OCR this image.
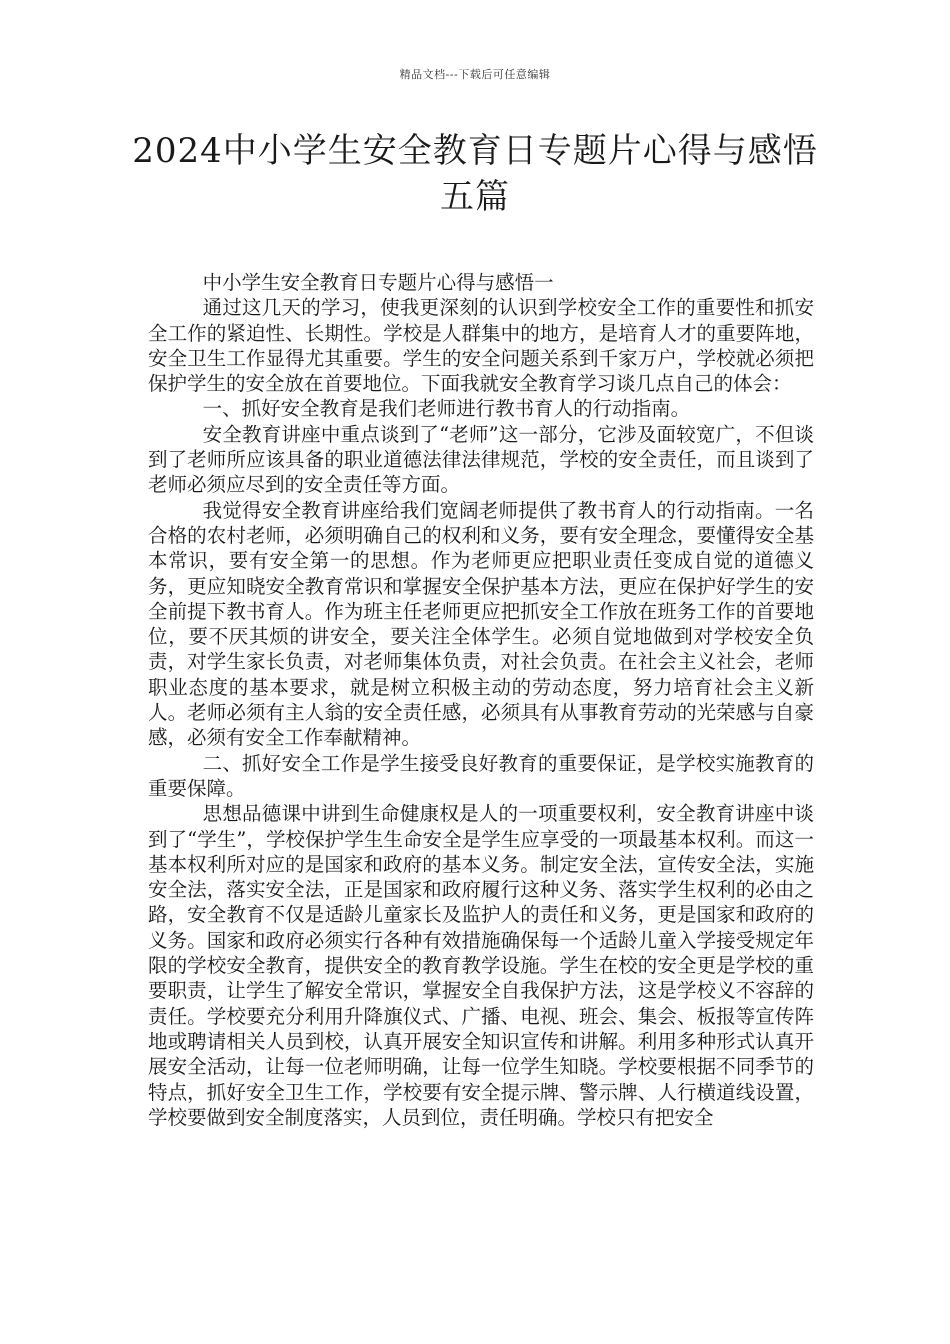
精品文档---下载后可任意编辑
2024中小学生安全教育日专题片心得与感悟五篇

中小学生安全教育日专题片心得与感悟一

通过这几天的学习，使我更深刻的认识到学校安全工作的重要性和抓安全工作的紧迫性、长期性。学校是人群集中的地方，是培育人才的重要阵地，安全卫生工作显得尤其重要。学生的安全问题关系到千家万户，学校就必须把保护学生的安全放在首要地位。下面我就安全教育学习谈几点自己的体会：

一、抓好安全教育是我们老师进行教书育人的行动指南。

安全教育讲座中重点谈到了“老师”这一部分，它涉及面较宽广，不但谈到了老师所应该具备的职业道德法律法律规范，学校的安全责任，而且谈到了老师必须应尽到的安全责任等方面。

我觉得安全教育讲座给我们宽阔老师提供了教书育人的行动指南。一名合格的农村老师，必须明确自己的权利和义务，要有安全理念，要懂得安全基本常识，要有安全第一的思想。作为老师更应把职业责任变成自觉的道德义务，更应知晓安全教育常识和掌握安全保护基本方法，更应在保护好学生的安全前提下教书育人。作为班主任老师更应把抓安全工作放在班务工作的首要地位，要不厌其烦的讲安全，要关注全体学生。必须自觉地做到对学校安全负责，对学生家长负责，对老师集体负责，对社会负责。在社会主义社会，老师职业态度的基本要求，就是树立积极主动的劳动态度，努力培育社会主义新人。老师必须有主人翁的安全责任感，必须具有从事教育劳动的光荣感与自豪感，必须有安全工作奉献精神。

二、抓好安全工作是学生接受良好教育的重要保证，是学校实施教育的重要保障。

思想品德课中讲到生命健康权是人的一项重要权利，安全教育讲座中谈到了“学生”，学校保护学生生命安全是学生应享受的一项最基本权利。而这一基本权利所对应的是国家和政府的基本义务。制定安全法，宣传安全法，实施安全法，落实安全法，正是国家和政府履行这种义务、落实学生权利的必由之路，安全教育不仅是适龄儿童家长及监护人的责任和义务，更是国家和政府的义务。国家和政府必须实行各种有效措施确保每一个适龄儿童入学接受规定年限的学校安全教育，提供安全的教育教学设施。学生在校的安全更是学校的重要职责，让学生了解安全常识，掌握安全自我保护方法，这是学校义不容辞的责任。学校要充分利用升降旗仪式、广播、电视、班会、集会、板报等宣传阵地或聘请相关人员到校，认真开展安全知识宣传和讲解。利用多种形式认真开展安全活动，让每一位老师明确，让每一位学生知晓。学校要根据不同季节的特点，抓好安全卫生工作，学校要有安全提示牌、警示牌、人行横道线设置，学校要做到安全制度落实，人员到位，责任明确。学校只有把安全
